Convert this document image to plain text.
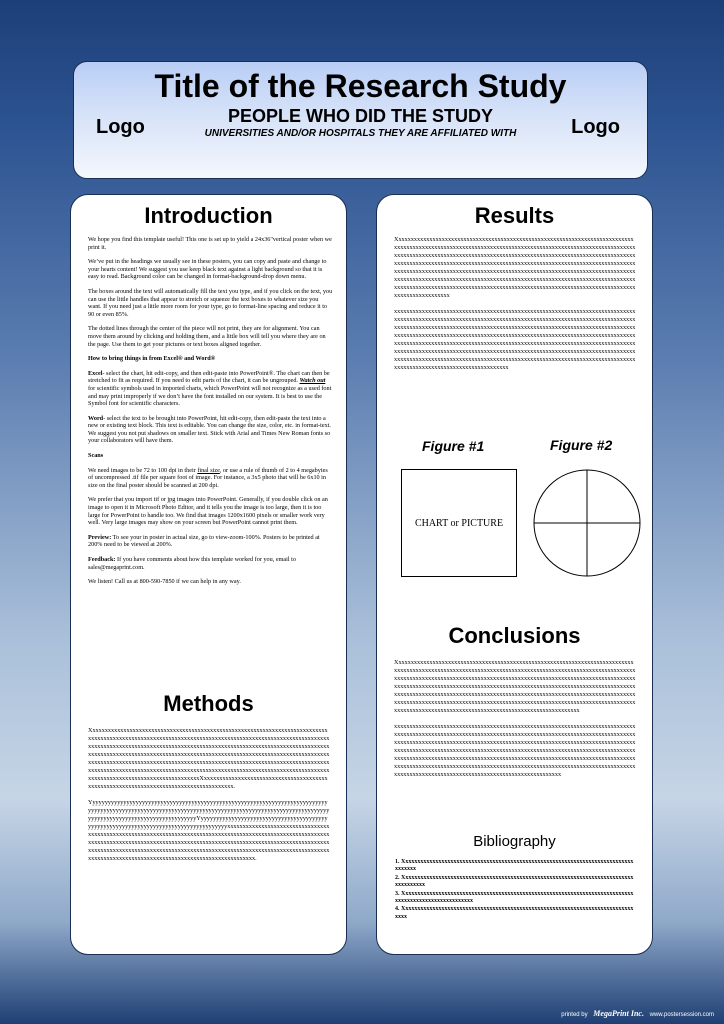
Title of the Research Study
PEOPLE WHO DID THE STUDY
UNIVERSITIES AND/OR HOSPITALS THEY ARE AFFILIATED WITH
Logo	Logo
Introduction

We hope you find this template useful! This one is set up to yield a 24x36"vertical poster when we print it.

We’ve put in the headings we usually see in these posters, you can copy and paste and change to your hearts content! We suggest you use keep black text against a light background so that it is easy to read. Background color can be changed in format-background-drop down menu.

The boxes around the text will automatically fill the text you type, and if you click on the text, you can use the little handles that appear to stretch or squeeze the text boxes to whatever size you want. If you need just a little more room for your type, go to format-line spacing and reduce it to 90 or even 85%.

The dotted lines through the center of the piece will not print, they are for alignment. You can move them around by clicking and holding them, and a little box will tell you where they are on the page. Use them to get your pictures or text boxes aligned together.

How to bring things in from Excel® and Word®

Excel- select the chart, hit edit-copy, and then edit-paste into PowerPoint®. The chart can then be stretched to fit as required. If you need to edit parts of the chart, it can be ungrouped. Watch out for scientific symbols used in imported charts, which PowerPoint will not recognize as a used font and may print improperly if we don’t have the font installed on our system. It is best to use the Symbol font for scientific characters.

Word- select the text to be brought into PowerPoint, hit edit-copy, then edit-paste the text into a new or existing text block. This text is editable. You can change the size, color, etc. in format-text. We suggest you not put shadows on smaller text. Stick with Arial and Times New Roman fonts so your collaborators will have them.

Scans

We need images to be 72 to 100 dpi in their final size, or use a rule of thumb of 2 to 4 megabytes of uncompressed .tif file per square foot of image. For instance, a 3x5 photo that will be 6x10 in size on the final poster should be scanned at 200 dpi.

We prefer that you import tif or jpg images into PowerPoint. Generally, if you double click on an image to open it in Microsoft Photo Editor, and it tells you the image is too large, then it is too large for PowerPoint to handle too. We find that images 1200x1600 pixels or smaller work very well. Very large images may show on your screen but PowerPoint cannot print them.

Preview: To see your in poster in actual size, go to view-zoom-100%. Posters to be printed at 200% need to be viewed at 200%.

Feedback: If you have comments about how this template worked for you, email to sales@megaprint.com.

We listen! Call us at 800-590-7850 if we can help in any way.

Methods

XxxxxxxxxxxxxxxxxxxxxxxxxxxxxxxxxxxxxxxxxxxxxxxxxxxxxxxxxxxxxxxxxxxxxxxxxxxxxxxxxxxxxxxxxxxxxxxxxxxxxxxxxxxxxxxxxxxxxxxxxxxxxxxxxxxxxxxxxxxxxxxxxxxxxxxxxxxxxxxxxxxxxxxxxxxxxxxxxxxxxxxxxxxxxxxxxxxxxxxxxxxxxxxxxxxxxxxxxxxxxxxxxxxxxxxxxxxxxxxxxxxxxxxxxxxxxxxxxxxxxxxxxxxxxxxxxxxxxxxxxxxxxxxxxxxxxxxxxxxxxxxxxxxxxxxxxxxxxxxxxxxxxxxxxxxxxxxxxxxxxxxxxxxxxxxxxxxxxxxxxxxxxxxxxxxxxxxxxxxxxxxxxxxxxxxxxxxxxxxxxxxxxxxxxxxxxxxxxxxxxxxxxxxxxxxxxxxxxxxxxxxxxxxxxxxxxxxxxxxxxxxxxxxxxxxxxxxxxxxxxxxxxxxxxxxxxxxxxxxxxxxXxxxxxxxxxxxxxxxxxxxxxxxxxxxxxxxxxxxxxxxxxxxxxxxxxxxxxxxxxxxxxxxxxxxxxxxxxxxxxxxxxxxxxxx.

YyyyyyyyyyyyyyyyyyyyyyyyyyyyyyyyyyyyyyyyyyyyyyyyyyyyyyyyyyyyyyyyyyyyyyyyyyyyyyyyyyyyyyyyyyyyyyyyyyyyyyyyyyyyyyyyyyyyyyyyyyyyyyyyyyyyyyyyyyyyyyyyyyyyyyyyyyyyyyyyyyyyyyyyyyyyyyyyyyyyyyyyyyyyyyYyyyyyyyyyyyyyyyyyyyyyyyyyyyyyyyyyyyyyyyyyyyyyyyyyyyyyyyyyyyyyyyyyyyyyyyyyyyyyyyyyyyyyyxxxxxxxxxxxxxxxxxxxxxxxxxxxxxxxxxxxxxxxxxxxxxxxxxxxxxxxxxxxxxxxxxxxxxxxxxxxxxxxxxxxxxxxxxxxxxxxxxxxxxxxxxxxxxxxxxxxxxxxxxxxxxxxxxxxxxxxxxxxxxxxxxxxxxxxxxxxxxxxxxxxxxxxxxxxxxxxxxxxxxxxxxxxxxxxxxxxxxxxxxxxxxxxxxxxxxxxxxxxxxxxxxxxxxxxxxxxxxxxxxxxxxxxxxxxxxxxxxxxxxxxxxxxxxxxxxxxxxxxxxxxxxxxxxxxxxxxxxxxxxxxxxxxxxxxxxxxxxxxxx.

Results

Xxxxxxxxxxxxxxxxxxxxxxxxxxxxxxxxxxxxxxxxxxxxxxxxxxxxxxxxxxxxxxxxxxxxxxxxxxxxxxxxxxxxxxxxxxxxxxxxxxxxxxxxxxxxxxxxxxxxxxxxxxxxxxxxxxxxxxxxxxxxxxxxxxxxxxxxxxxxxxxxxxxxxxxxxxxxxxxxxxxxxxxxxxxxxxxxxxxxxxxxxxxxxxxxxxxxxxxxxxxxxxxxxxxxxxxxxxxxxxxxxxxxxxxxxxxxxxxxxxxxxxxxxxxxxxxxxxxxxxxxxxxxxxxxxxxxxxxxxxxxxxxxxxxxxxxxxxxxxxxxxxxxxxxxxxxxxxxxxxxxxxxxxxxxxxxxxxxxxxxxxxxxxxxxxxxxxxxxxxxxxxxxxxxxxxxxxxxxxxxxxxxxxxxxxxxxxxxxxxxxxxxxxxxxxxxxxxxxxxxxxxxxxxxxxxxxxxxxxxxxxxxxxxxxxxxxxxxxxxxxxxxxxxxxxxxxxxxxxxxxxxxxxxxxxxxxxxxxxxxxxxxxxxxxxxxxxxxxxxxxxxxxxxxxxxxxxxxxxxxxxxx

xxxxxxxxxxxxxxxxxxxxxxxxxxxxxxxxxxxxxxxxxxxxxxxxxxxxxxxxxxxxxxxxxxxxxxxxxxxxxxxxxxxxxxxxxxxxxxxxxxxxxxxxxxxxxxxxxxxxxxxxxxxxxxxxxxxxxxxxxxxxxxxxxxxxxxxxxxxxxxxxxxxxxxxxxxxxxxxxxxxxxxxxxxxxxxxxxxxxxxxxxxxxxxxxxxxxxxxxxxxxxxxxxxxxxxxxxxxxxxxxxxxxxxxxxxxxxxxxxxxxxxxxxxxxxxxxxxxxxxxxxxxxxxxxxxxxxxxxxxxxxxxxxxxxxxxxxxxxxxxxxxxxxxxxxxxxxxxxxxxxxxxxxxxxxxxxxxxxxxxxxxxxxxxxxxxxxxxxxxxxxxxxxxxxxxxxxxxxxxxxxxxxxxxxxxxxxxxxxxxxxxxxxxxxxxxxxxxxxxxxxxxxxxxxxxxxxxxxxxxxxxxxxxxxxxxxxxxxxxxxxxxxxxxxxxxxxxxxxxxxxxxxxxxxxxxxxxxxxxxxxxxxxxxxxxxxxxxxxxxxxxxxxxxxxxxxxxxxxxxxxxxxxxxxxxxxxxxxxxxxxxx

Figure #1	Figure #2
CHART or PICTURE
Conclusions

Xxxxxxxxxxxxxxxxxxxxxxxxxxxxxxxxxxxxxxxxxxxxxxxxxxxxxxxxxxxxxxxxxxxxxxxxxxxxxxxxxxxxxxxxxxxxxxxxxxxxxxxxxxxxxxxxxxxxxxxxxxxxxxxxxxxxxxxxxxxxxxxxxxxxxxxxxxxxxxxxxxxxxxxxxxxxxxxxxxxxxxxxxxxxxxxxxxxxxxxxxxxxxxxxxxxxxxxxxxxxxxxxxxxxxxxxxxxxxxxxxxxxxxxxxxxxxxxxxxxxxxxxxxxxxxxxxxxxxxxxxxxxxxxxxxxxxxxxxxxxxxxxxxxxxxxxxxxxxxxxxxxxxxxxxxxxxxxxxxxxxxxxxxxxxxxxxxxxxxxxxxxxxxxxxxxxxxxxxxxxxxxxxxxxxxxxxxxxxxxxxxxxxxxxxxxxxxxxxxxxxxxxxxxxxxxxxxxxxxxxxxxxxxxxxxxxxxxxxxxxxxxxxxxxxxxxxxxxxxxxxxxxxxxxxxxxxxxxxxxxxxxxxxxxxxxxxxxxxxxxxxxxxxx

xxxxxxxxxxxxxxxxxxxxxxxxxxxxxxxxxxxxxxxxxxxxxxxxxxxxxxxxxxxxxxxxxxxxxxxxxxxxxxxxxxxxxxxxxxxxxxxxxxxxxxxxxxxxxxxxxxxxxxxxxxxxxxxxxxxxxxxxxxxxxxxxxxxxxxxxxxxxxxxxxxxxxxxxxxxxxxxxxxxxxxxxxxxxxxxxxxxxxxxxxxxxxxxxxxxxxxxxxxxxxxxxxxxxxxxxxxxxxxxxxxxxxxxxxxxxxxxxxxxxxxxxxxxxxxxxxxxxxxxxxxxxxxxxxxxxxxxxxxxxxxxxxxxxxxxxxxxxxxxxxxxxxxxxxxxxxxxxxxxxxxxxxxxxxxxxxxxxxxxxxxxxxxxxxxxxxxxxxxxxxxxxxxxxxxxxxxxxxxxxxxxxxxxxxxxxxxxxxxxxxxxxxxxxxxxxxxxxxxxxxxxxxxxxxxxxxxxxxxxxxxxxxxxxxxxxxxxxxxxxxxxxxxxxxxxxxxxxxxxxxxxxxxxxxxxxxxxxxxxxxx

Bibliography
1. Xxxxxxxxxxxxxxxxxxxxxxxxxxxxxxxxxxxxxxxxxxxxxxxxxxxxxxxxxxxxxxxxxxxxxxxxxxxxxxxxxxxx
2. Xxxxxxxxxxxxxxxxxxxxxxxxxxxxxxxxxxxxxxxxxxxxxxxxxxxxxxxxxxxxxxxxxxxxxxxxxxxxxxxxxxxxxxx
3. Xxxxxxxxxxxxxxxxxxxxxxxxxxxxxxxxxxxxxxxxxxxxxxxxxxxxxxxxxxxxxxxxxxxxxxxxxxxxxxxxxxxxxxxxxxxxxxxxxxxxxxx
4. Xxxxxxxxxxxxxxxxxxxxxxxxxxxxxxxxxxxxxxxxxxxxxxxxxxxxxxxxxxxxxxxxxxxxxxxxxxxxxxxxx
printed by MegaPrint Inc. www.postersession.com
